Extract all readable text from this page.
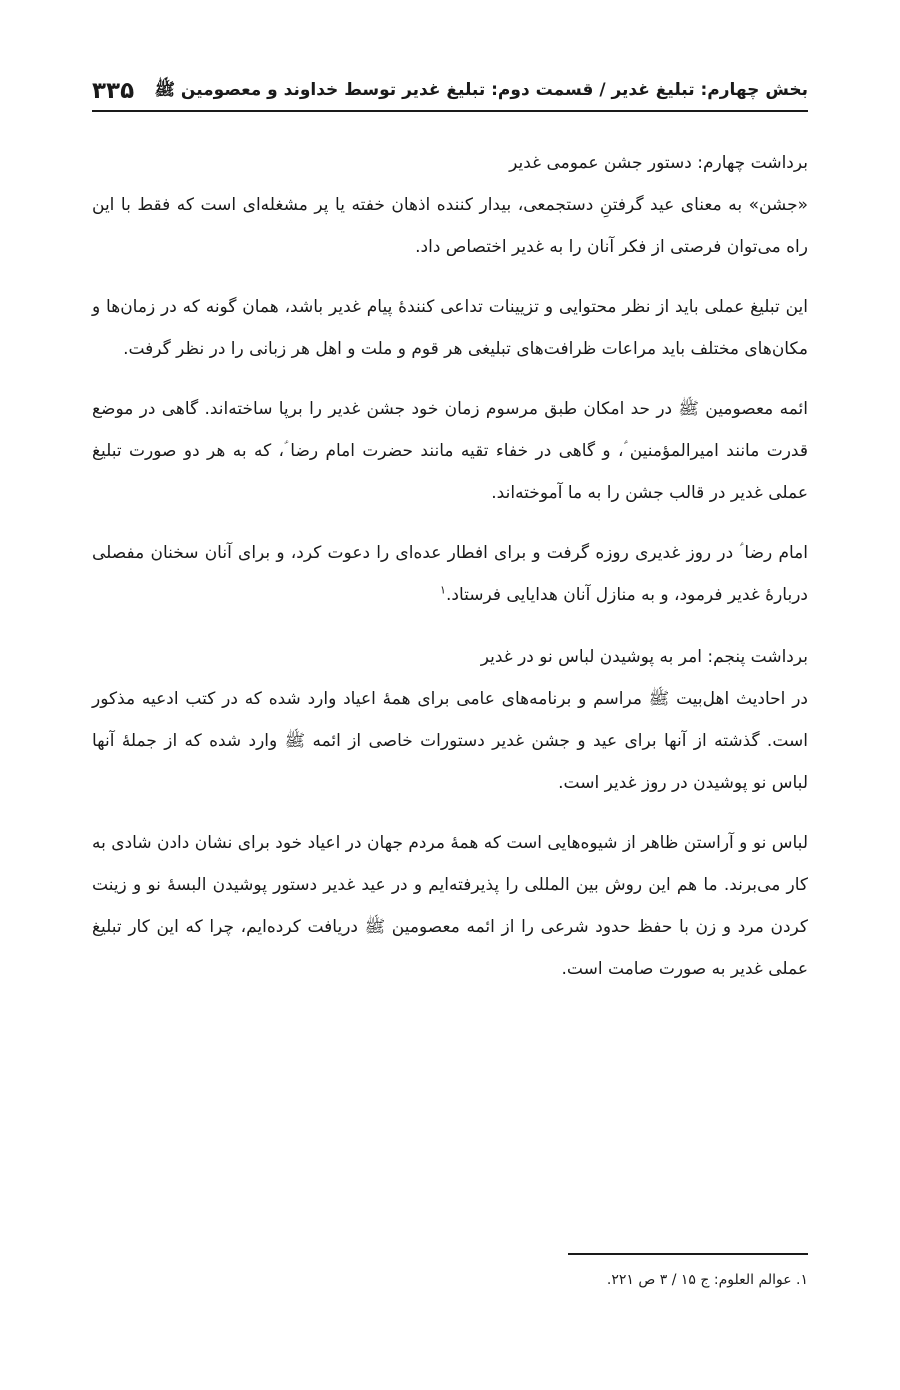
بخش چهارم: تبلیغ غدیر / قسمت دوم: تبلیغ غدیر توسط خداوند و معصومین ﷺ
۳۳۵

برداشت چهارم: دستور جشن عمومی غدیر

«جشن» به معنای عید گرفتنِ دستجمعی، بیدار کننده اذهان خفته یا پر مشغله‌ای است که فقط با این راه می‌توان فرصتی از فکر آنان را به غدیر اختصاص داد.

این تبلیغ عملی باید از نظر محتوایی و تزیینات تداعی کنندهٔ پیام غدیر باشد، همان گونه که در زمان‌ها و مکان‌های مختلف باید مراعات ظرافت‌های تبلیغی هر قوم و ملت و اهل هر زبانی را در نظر گرفت.

ائمه معصومین ﷺ در حد امکان طبق مرسوم زمان خود جشن غدیر را برپا ساخته‌اند. گاهی در موضع قدرت مانند امیرالمؤمنین ؑ، و گاهی در خفاء تقیه مانند حضرت امام رضا ؑ، که به هر دو صورت تبلیغ عملی غدیر در قالب جشن را به ما آموخته‌اند.

امام رضا ؑ در روز غدیری روزه گرفت و برای افطار عده‌ای را دعوت کرد، و برای آنان سخنان مفصلی دربارهٔ غدیر فرمود، و به منازل آنان هدایایی فرستاد.$^۱$

برداشت پنجم: امر به پوشیدن لباس نو در غدیر

در احادیث اهل‌بیت ﷺ مراسم و برنامه‌های عامی برای همهٔ اعیاد وارد شده که در کتب ادعیه مذکور است. گذشته از آنها برای عید و جشن غدیر دستورات خاصی از ائمه ﷺ وارد شده که از جملهٔ آنها لباس نو پوشیدن در روز غدیر است.

لباس نو و آراستن ظاهر از شیوه‌هایی است که همهٔ مردم جهان در اعیاد خود برای نشان دادن شادی به کار می‌برند. ما هم این روش بین المللی را پذیرفته‌ایم و در عید غدیر دستور پوشیدن البسهٔ نو و زینت کردن مرد و زن با حفظ حدود شرعی را از ائمه معصومین ﷺ دریافت کرده‌ایم، چرا که این کار تبلیغ عملی غدیر به صورت صامت است.

۱. عوالم العلوم: ج ۱۵ / ۳ ص ۲۲۱.
